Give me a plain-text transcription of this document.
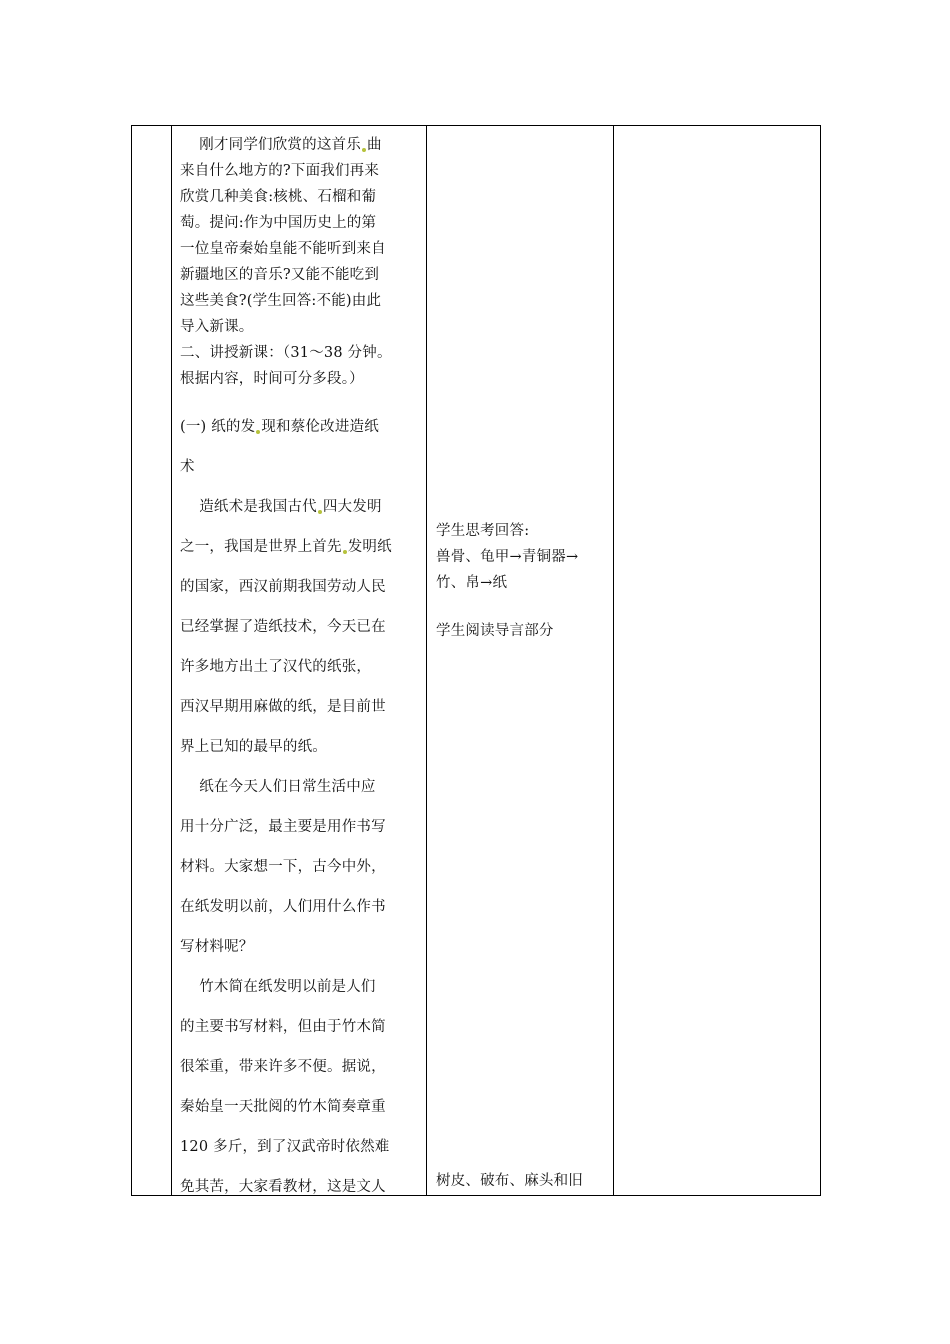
刚才同学们欣赏的这首乐 曲
来自什么地方的?下面我们再来
欣赏几种美食:核桃、石榴和葡
萄。提问:作为中国历史上的第
一位皇帝秦始皇能不能听到来自
新疆地区的音乐?又能不能吃到
这些美食?(学生回答:不能)由此
导入新课。
二、讲授新课：（31～38 分钟。
根据内容，时间可分多段。）
(一) 纸的发 现和蔡伦改进造纸
术
造纸术是我国古代 四大发明
之一，我国是世界上首先 发明纸
的国家，西汉前期我国劳动人民
已经掌握了造纸技术，今天已在
许多地方出土了汉代的纸张，
西汉早期用麻做的纸，是目前世
界上已知的最早的纸。
纸在今天人们日常生活中应
用十分广泛，最主要是用作书写
材料。大家想一下，古今中外，
在纸发明以前，人们用什么作书
写材料呢？
竹木简在纸发明以前是人们
的主要书写材料，但由于竹木简
很笨重，带来许多不便。据说，
秦始皇一天批阅的竹木简奏章重
120 多斤，到了汉武帝时依然难
免其苦，大家看教材，这是文人
学生思考回答:
兽骨、龟甲→青铜器→
竹、帛→纸
学生阅读导言部分
树皮、破布、麻头和旧
